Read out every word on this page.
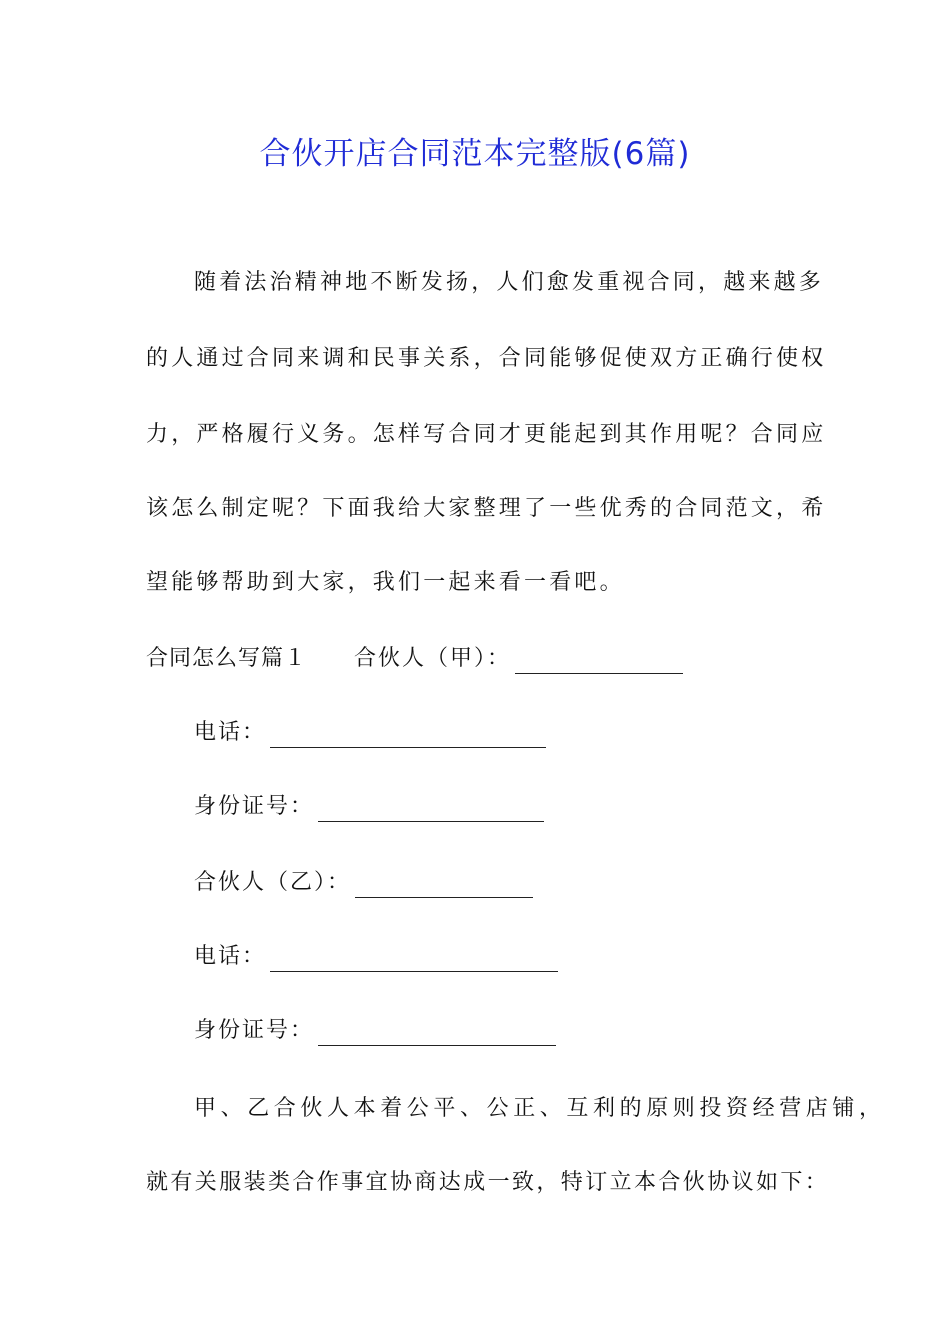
合伙开店合同范本完整版(6篇)
随着法治精神地不断发扬，人们愈发重视合同，越来越多
的人通过合同来调和民事关系，合同能够促使双方正确行使权
力，严格履行义务。怎样写合同才更能起到其作用呢？合同应
该怎么制定呢？下面我给大家整理了一些优秀的合同范文，希
望能够帮助到大家，我们一起来看一看吧。
合同怎么写篇１ 合伙人（甲）：
电话：
身份证号：
合伙人（乙）：
电话：
身份证号：
甲、乙合伙人本着公平、公正、互利的原则投资经营店铺，
就有关服装类合作事宜协商达成一致，特订立本合伙协议如下：
